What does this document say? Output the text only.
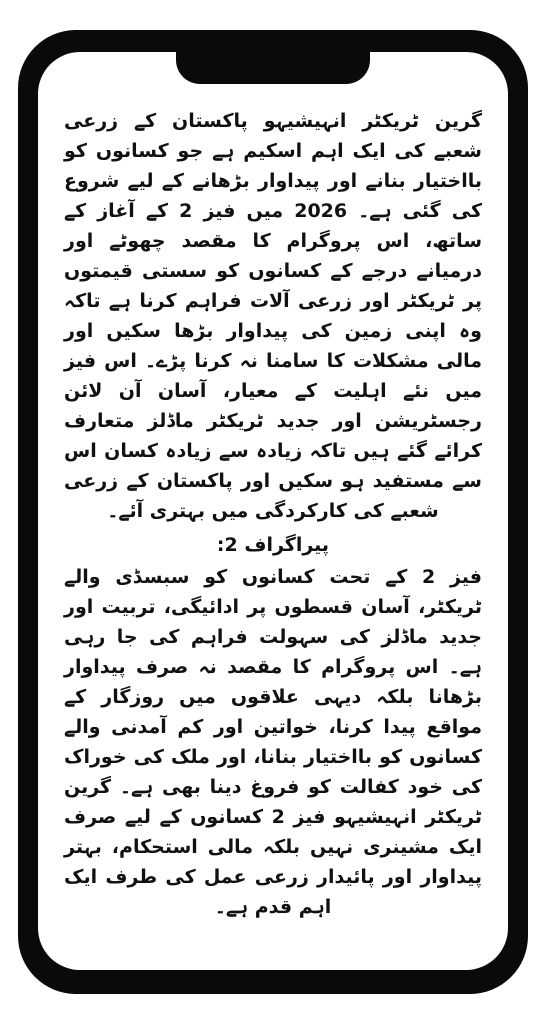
گرین ٹریکٹر انہیشیہو پاکستان کے زرعی شعبے کی ایک اہم اسکیم ہے جو کسانوں کو بااختیار بنانے اور پیداوار بڑھانے کے لیے شروع کی گئی ہے۔ 2026 میں فیز 2 کے آغاز کے ساتھ، اس پروگرام کا مقصد چھوٹے اور درمیانے درجے کے کسانوں کو سستی قیمتوں پر ٹریکٹر اور زرعی آلات فراہم کرنا ہے تاکہ وہ اپنی زمین کی پیداوار بڑھا سکیں اور مالی مشکلات کا سامنا نہ کرنا پڑے۔ اس فیز میں نئے اہلیت کے معیار، آسان آن لائن رجسٹریشن اور جدید ٹریکٹر ماڈلز متعارف کرائے گئے ہیں تاکہ زیادہ سے زیادہ کسان اس سے مستفید ہو سکیں اور پاکستان کے زرعی شعبے کی کارکردگی میں بہتری آئے۔

پیراگراف 2:

فیز 2 کے تحت کسانوں کو سبسڈی والے ٹریکٹر، آسان قسطوں پر ادائیگی، تربیت اور جدید ماڈلز کی سہولت فراہم کی جا رہی ہے۔ اس پروگرام کا مقصد نہ صرف پیداوار بڑھانا بلکہ دیہی علاقوں میں روزگار کے مواقع پیدا کرنا، خواتین اور کم آمدنی والے کسانوں کو بااختیار بنانا، اور ملک کی خوراک کی خود کفالت کو فروغ دینا بھی ہے۔ گرین ٹریکٹر انہیشیہو فیز 2 کسانوں کے لیے صرف ایک مشینری نہیں بلکہ مالی استحکام، بہتر پیداوار اور پائیدار زرعی عمل کی طرف ایک اہم قدم ہے۔
